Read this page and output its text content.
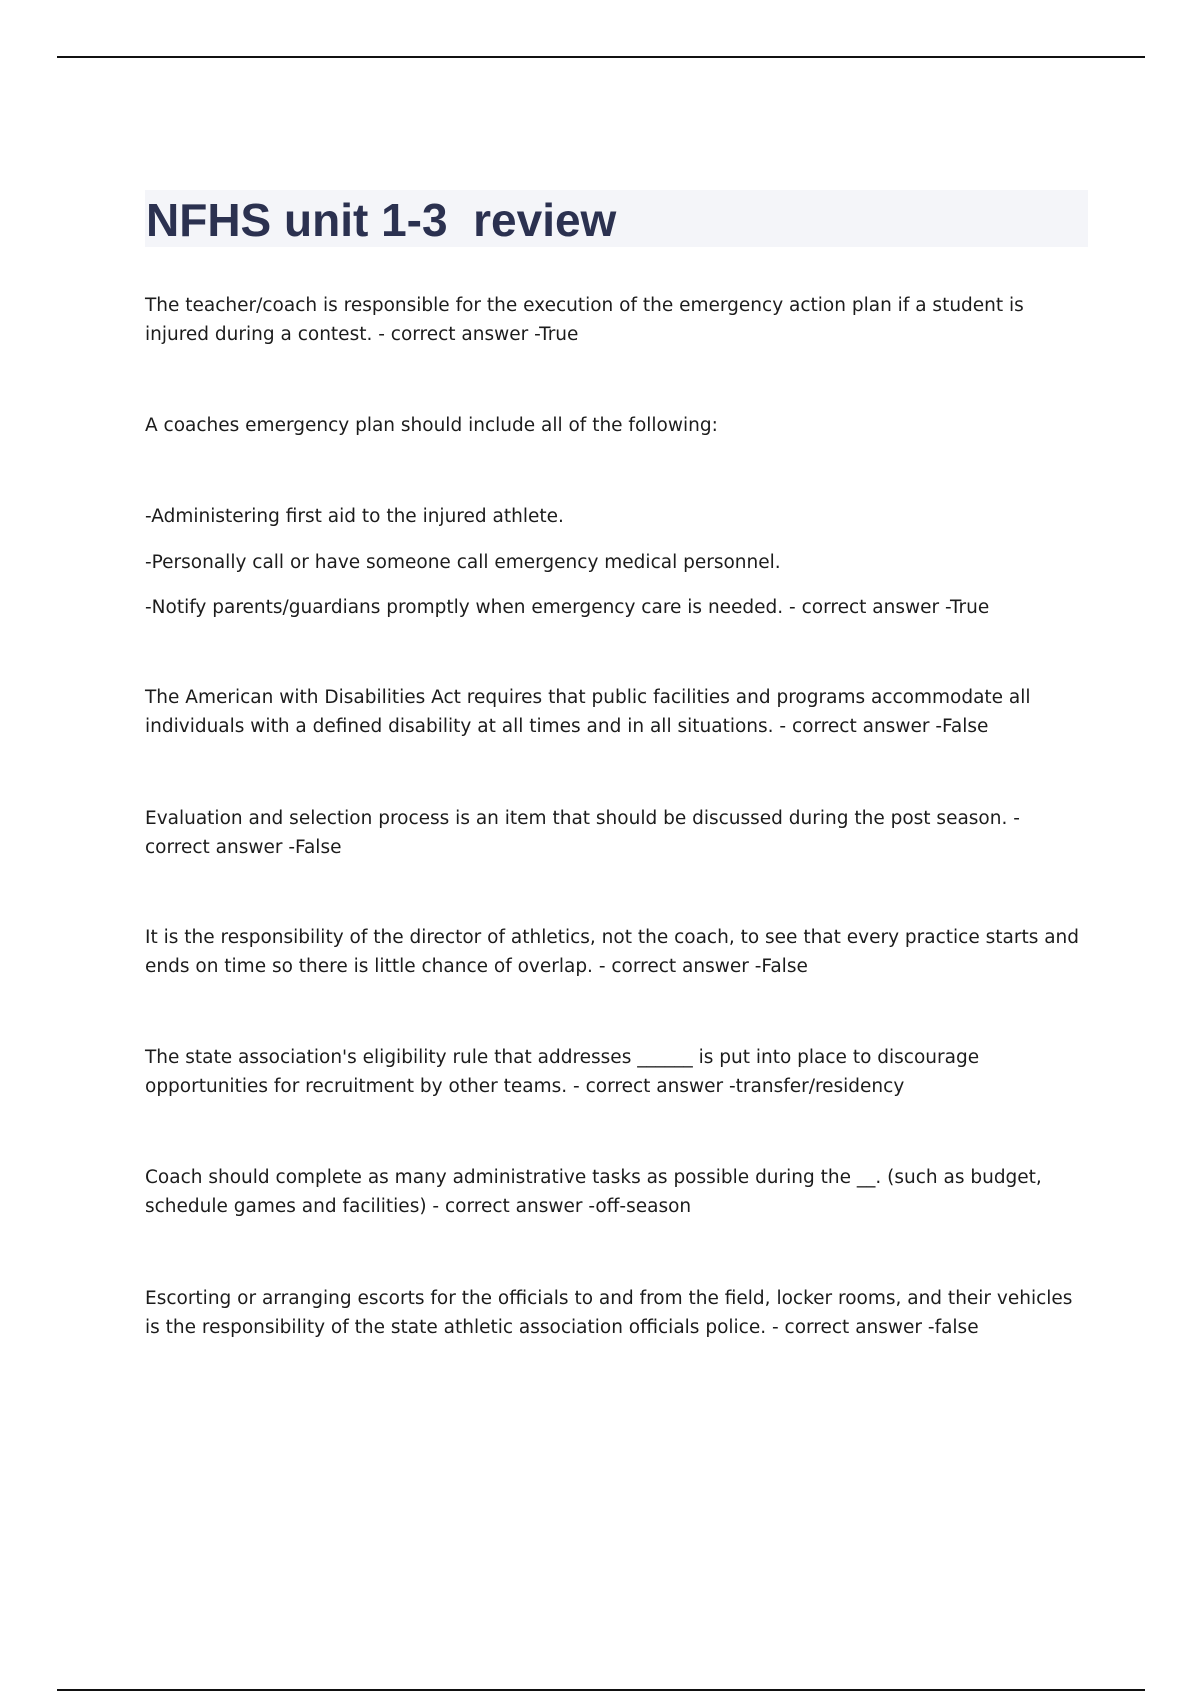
NFHS unit 1-3  review

The teacher/coach is responsible for the execution of the emergency action plan if a student is injured during a contest. - correct answer -True

A coaches emergency plan should include all of the following:

-Administering first aid to the injured athlete.

-Personally call or have someone call emergency medical personnel.

-Notify parents/guardians promptly when emergency care is needed. - correct answer -True

The American with Disabilities Act requires that public facilities and programs accommodate all individuals with a defined disability at all times and in all situations. - correct answer -False

Evaluation and selection process is an item that should be discussed during the post season. - correct answer -False

It is the responsibility of the director of athletics, not the coach, to see that every practice starts and ends on time so there is little chance of overlap. - correct answer -False

The state association's eligibility rule that addresses ______ is put into place to discourage opportunities for recruitment by other teams. - correct answer -transfer/residency

Coach should complete as many administrative tasks as possible during the __. (such as budget, schedule games and facilities) - correct answer -off-season

Escorting or arranging escorts for the officials to and from the field, locker rooms, and their vehicles is the responsibility of the state athletic association officials police. - correct answer -false
